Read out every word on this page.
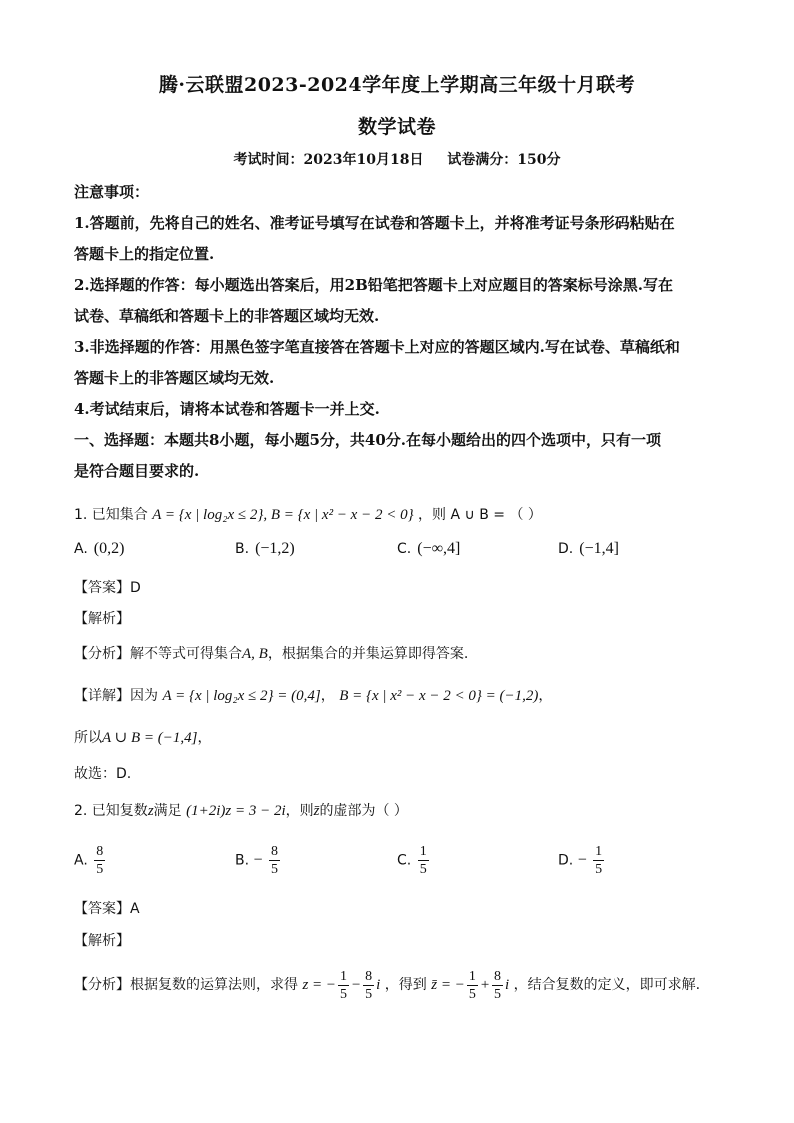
腾·云联盟2023-2024学年度上学期高三年级十月联考
数学试卷
考试时间：2023年10月18日 试卷满分：150分
注意事项：
1.答题前，先将自己的姓名、准考证号填写在试卷和答题卡上，并将准考证号条形码粘贴在
答题卡上的指定位置.
2.选择题的作答：每小题选出答案后，用2B铅笔把答题卡上对应题目的答案标号涂黑.写在
试卷、草稿纸和答题卡上的非答题区域均无效.
3.非选择题的作答：用黑色签字笔直接答在答题卡上对应的答题区域内.写在试卷、草稿纸和
答题卡上的非答题区域均无效.
4.考试结束后，请将本试卷和答题卡一并上交.
一、选择题：本题共8小题，每小题5分，共40分.在每小题给出的四个选项中，只有一项
是符合题目要求的.
1. 已知集合 A = {x | log₂x ≤ 2}, B = {x | x² − x − 2 < 0} ，则 A ∪ B = （ ）
A. (0,2)	B. (−1,2)	C. (−∞,4]	D. (−1,4]
【答案】D
【解析】
【分析】解不等式可得集合A, B，根据集合的并集运算即得答案.
【详解】因为 A = {x | log₂x ≤ 2} = (0,4]， B = {x | x² − x − 2 < 0} = (−1,2)，
所以A ∪ B = (−1,4]，
故选：D.
2. 已知复数z满足 (1+2i)z = 3 − 2i，则z̄的虚部为（ ）
A. $\frac{8}{5}$	B. − $\frac{8}{5}$	C. $\frac{1}{5}$	D. − $\frac{1}{5}$
【答案】A
【解析】
【分析】根据复数的运算法则，求得 z = − $\frac{1}{5} - \frac{8}{5}$ i ，得到 z̄ = − $\frac{1}{5} + \frac{8}{5}$ i ，结合复数的定义，即可求解.
